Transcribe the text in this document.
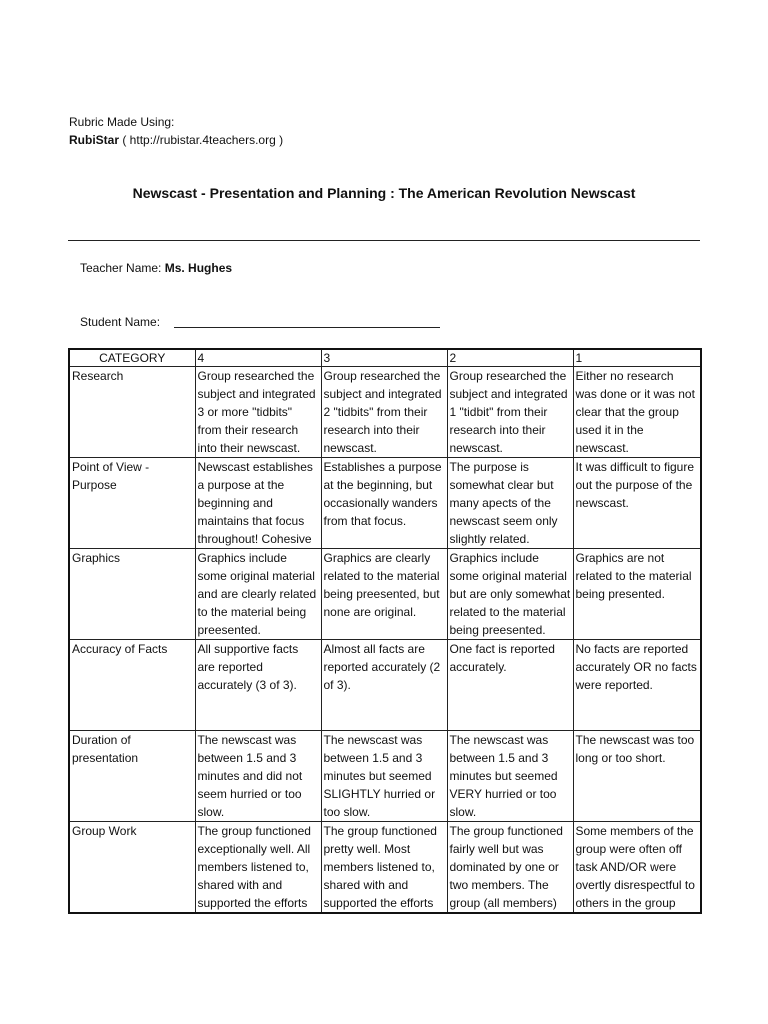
Rubric Made Using:
RubiStar ( http://rubistar.4teachers.org )
Newscast - Presentation and Planning : The American Revolution Newscast
Teacher Name: Ms. Hughes
Student Name:
CATEGORY	4	3	2	1
Research	Group researched the subject and integrated 3 or more "tidbits" from their research into their newscast.	Group researched the subject and integrated 2 "tidbits" from their research into their newscast.	Group researched the subject and integrated 1 "tidbit" from their research into their newscast.	Either no research was done or it was not clear that the group used it in the newscast.
Point of View - Purpose	Newscast establishes a purpose at the beginning and maintains that focus throughout! Cohesive	Establishes a purpose at the beginning, but occasionally wanders from that focus.	The purpose is somewhat clear but many apects of the newscast seem only slightly related.	It was difficult to figure out the purpose of the newscast.
Graphics	Graphics include some original material and are clearly related to the material being preesented.	Graphics are clearly related to the material being preesented, but none are original.	Graphics include some original material but are only somewhat related to the material being preesented.	Graphics are not related to the material being presented.
Accuracy of Facts	All supportive facts are reported accurately (3 of 3).	Almost all facts are reported accurately (2 of 3).	One fact is reported accurately.	No facts are reported accurately OR no facts were reported.
Duration of presentation	The newscast was between 1.5 and 3 minutes and did not seem hurried or too slow.	The newscast was between 1.5 and 3 minutes but seemed SLIGHTLY hurried or too slow.	The newscast was between 1.5 and 3 minutes but seemed VERY hurried or too slow.	The newscast was too long or too short.
Group Work	The group functioned exceptionally well. All members listened to, shared with and supported the efforts	The group functioned pretty well. Most members listened to, shared with and supported the efforts	The group functioned fairly well but was dominated by one or two members. The group (all members)	Some members of the group were often off task AND/OR were overtly disrespectful to others in the group
